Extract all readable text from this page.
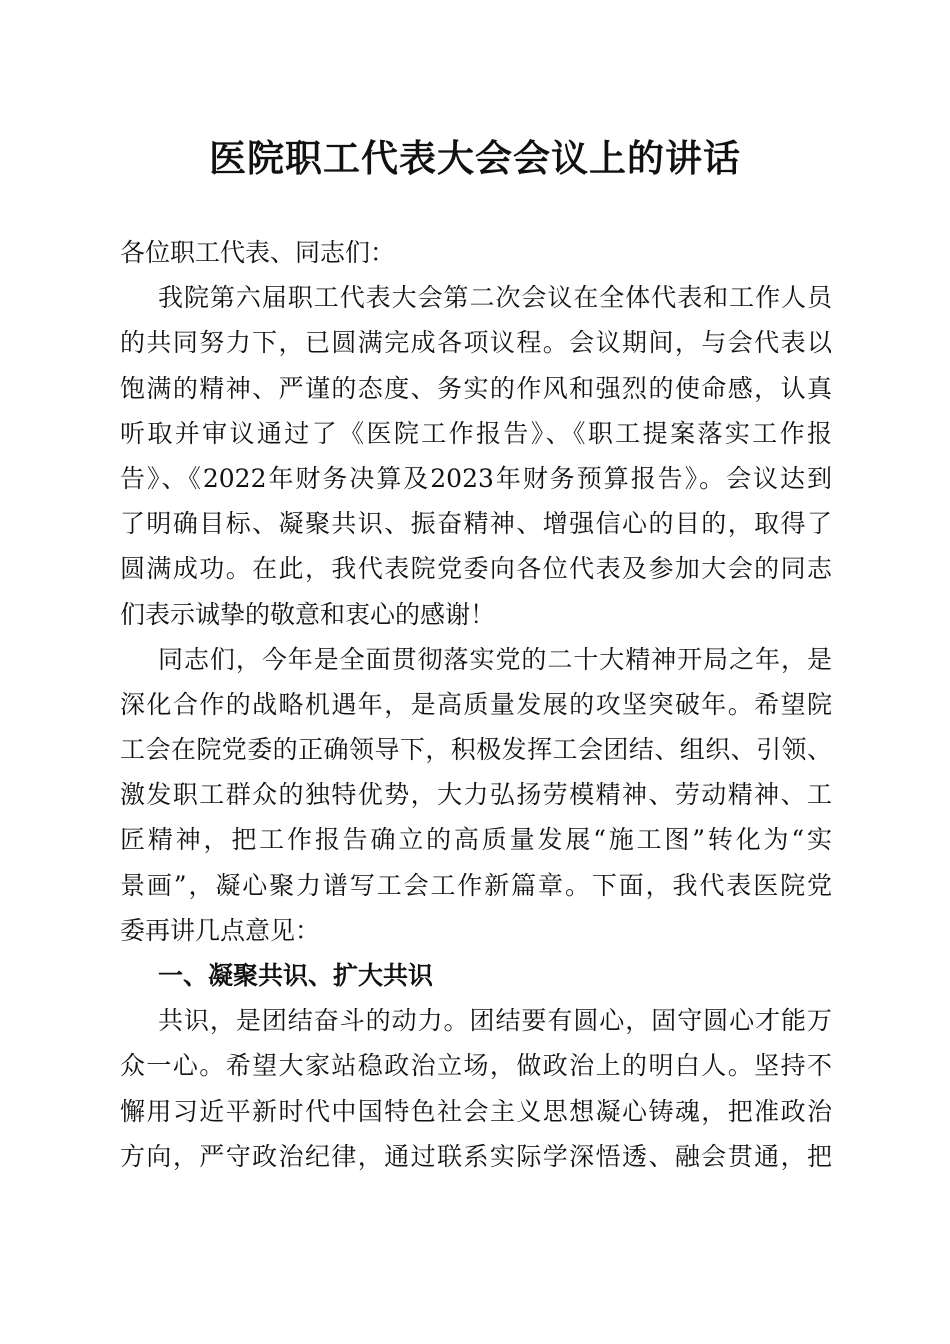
医院职工代表大会会议上的讲话
各位职工代表、同志们：
我院第六届职工代表大会第二次会议在全体代表和工作人员
的共同努力下，已圆满完成各项议程。会议期间，与会代表以
饱满的精神、严谨的态度、务实的作风和强烈的使命感，认真
听取并审议通过了《医院工作报告》、《职工提案落实工作报
告》、《2022年财务决算及2023年财务预算报告》。会议达到
了明确目标、凝聚共识、振奋精神、增强信心的目的，取得了
圆满成功。在此，我代表院党委向各位代表及参加大会的同志
们表示诚挚的敬意和衷心的感谢！
同志们，今年是全面贯彻落实党的二十大精神开局之年，是
深化合作的战略机遇年，是高质量发展的攻坚突破年。希望院
工会在院党委的正确领导下，积极发挥工会团结、组织、引领、
激发职工群众的独特优势，大力弘扬劳模精神、劳动精神、工
匠精神，把工作报告确立的高质量发展“施工图”转化为“实
景画”，凝心聚力谱写工会工作新篇章。下面，我代表医院党
委再讲几点意见：
一、凝聚共识、扩大共识
共识，是团结奋斗的动力。团结要有圆心，固守圆心才能万
众一心。希望大家站稳政治立场，做政治上的明白人。坚持不
懈用习近平新时代中国特色社会主义思想凝心铸魂，把准政治
方向，严守政治纪律，通过联系实际学深悟透、融会贯通，把
